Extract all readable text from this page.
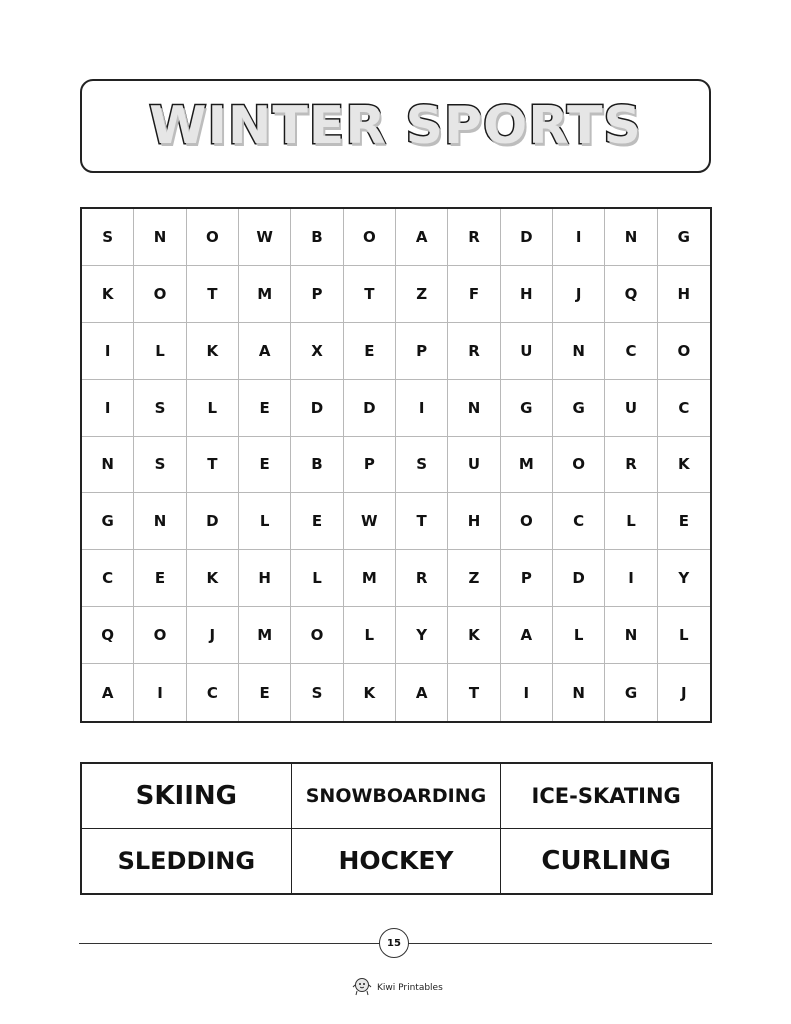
WINTER SPORTS
S	N	O	W	B	O	A	R	D	I	N	G
K	O	T	M	P	T	Z	F	H	J	Q	H
I	L	K	A	X	E	P	R	U	N	C	O
I	S	L	E	D	D	I	N	G	G	U	C
N	S	T	E	B	P	S	U	M	O	R	K
G	N	D	L	E	W	T	H	O	C	L	E
C	E	K	H	L	M	R	Z	P	D	I	Y
Q	O	J	M	O	L	Y	K	A	L	N	L
A	I	C	E	S	K	A	T	I	N	G	J
SKIING	SNOWBOARDING	ICE-SKATING
SLEDDING	HOCKEY	CURLING
15
Kiwi Printables
